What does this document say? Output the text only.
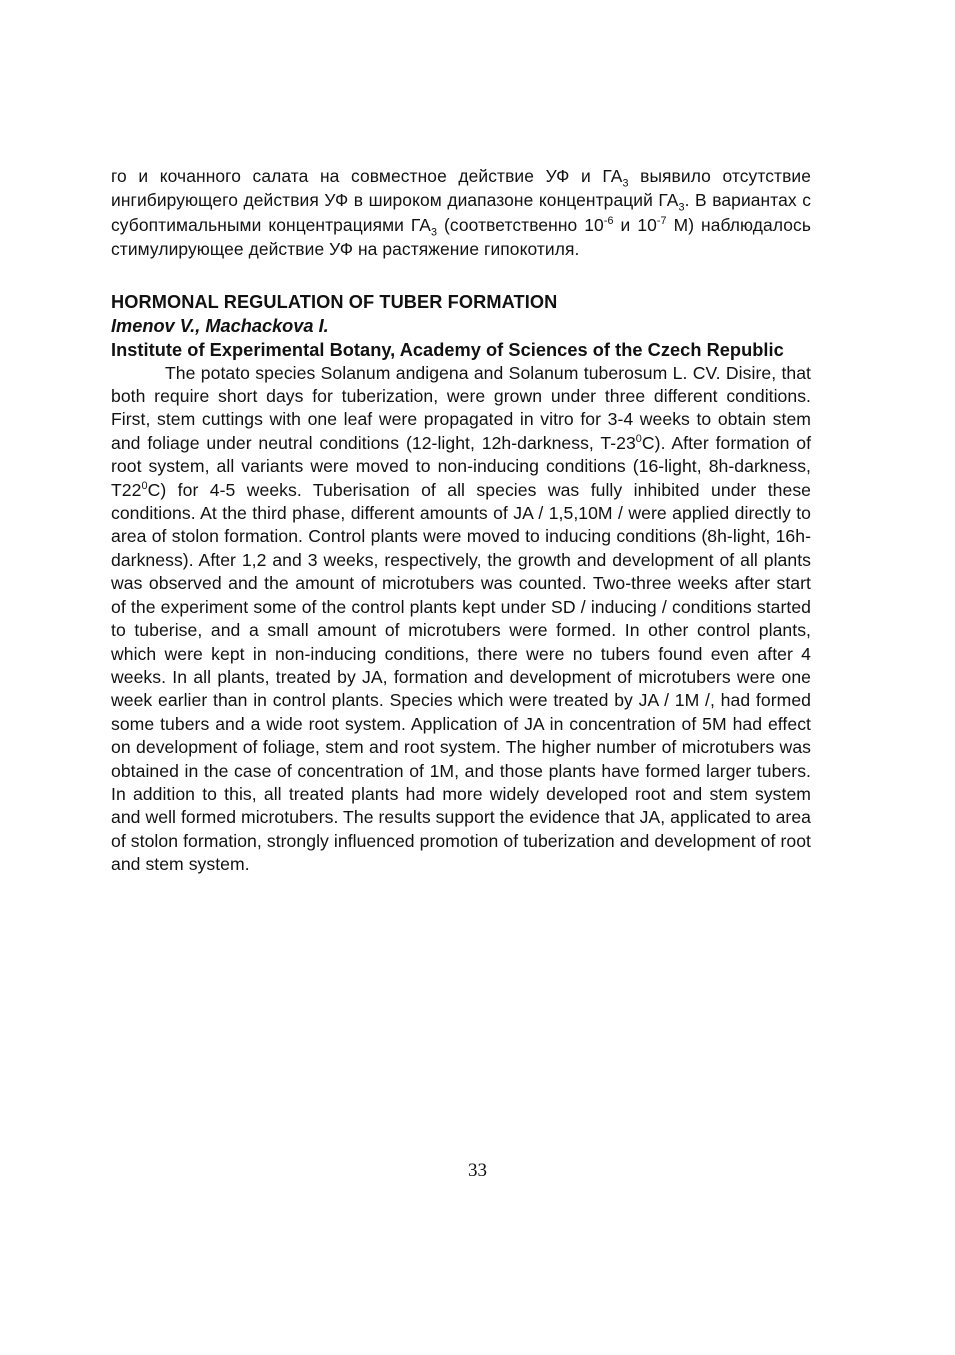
го и кочанного салата на совместное действие УФ и $ГА_3$ выявило отсутствие ингибирующего действия УФ в широком диапазоне концентраций $ГА_3$. В вариантах с субоптимальными концентрациями $ГА_3$ (соответственно $10^{-6}$ и $10^{-7}$ М) наблюдалось стимулирующее действие УФ на растяжение гипокотиля.

HORMONAL REGULATION OF TUBER FORMATION
Imenov V., Machackova I.

Institute of Experimental Botany, Academy of Sciences of the Czech Republic

The potato species Solanum andigena and Solanum tuberosum L. CV. Disire, that both require short days for tuberization, were grown under three different conditions. First, stem cuttings with one leaf were propagated in vitro for 3-4 weeks to obtain stem and foliage under neutral conditions (12-light, 12h-darkness, $T-23^0C$). After formation of root system, all variants were moved to non-inducing conditions (16-light, 8h-darkness, $T22^0C$) for 4-5 weeks. Tuberisation of all species was fully inhibited under these conditions. At the third phase, different amounts of JA / 1,5,10M / were applied directly to area of stolon formation. Control plants were moved to inducing conditions (8h-light, 16h-darkness). After 1,2 and 3 weeks, respectively, the growth and development of all plants was observed and the amount of microtubers was counted. Two-three weeks after start of the experiment some of the control plants kept under SD / inducing / conditions started to tuberise, and a small amount of microtubers were formed. In other control plants, which were kept in non-inducing conditions, there were no tubers found even after 4 weeks. In all plants, treated by JA, formation and development of microtubers were one week earlier than in control plants. Species which were treated by JA / 1M /, had formed some tubers and a wide root system. Application of JA in concentration of 5M had effect on development of foliage, stem and root system. The higher number of microtubers was obtained in the case of concentration of 1M, and those plants have formed larger tubers. In addition to this, all treated plants had more widely developed root and stem system and well formed microtubers. The results support the evidence that JA, applicated to area of stolon formation, strongly influenced promotion of tuberization and development of root and stem system.

33
